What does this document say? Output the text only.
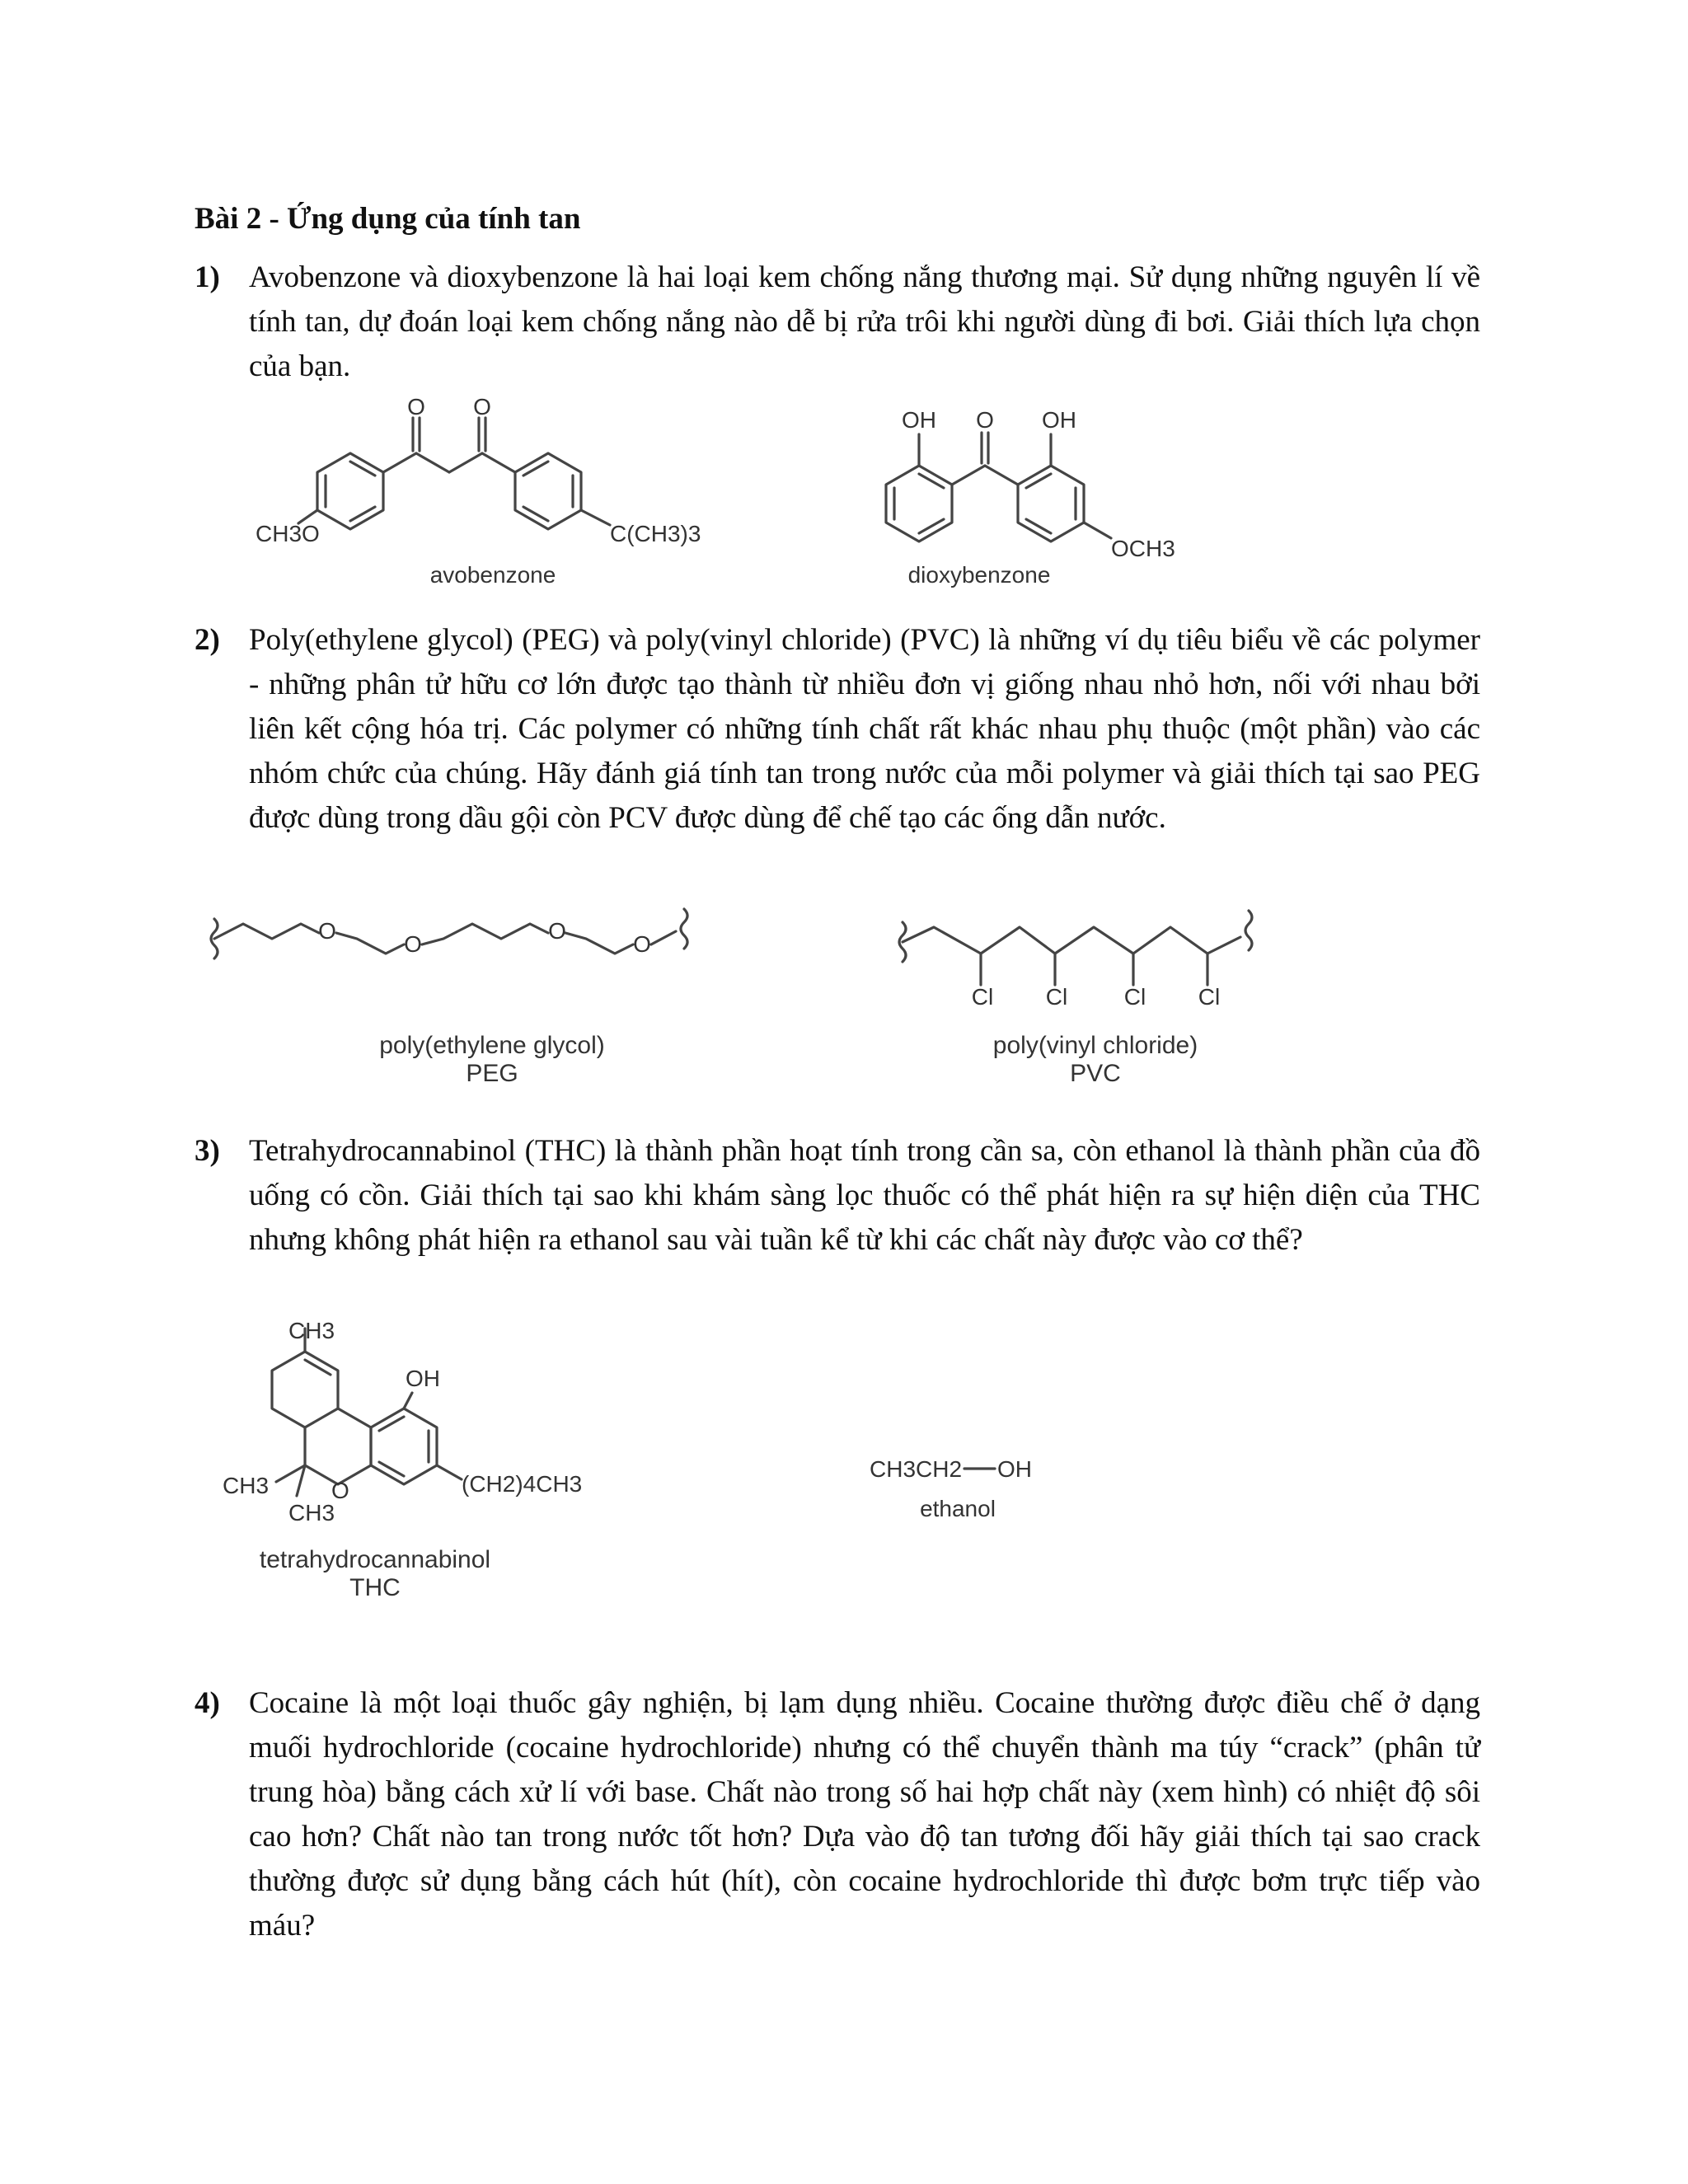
Bài 2 - Ứng dụng của tính tan
1) Avobenzone và dioxybenzone là hai loại kem chống nắng thương mại. Sử dụng những nguyên lí về tính tan, dự đoán loại kem chống nắng nào dễ bị rửa trôi khi người dùng đi bơi. Giải thích lựa chọn của bạn.
O O
CH3O	C(CH3)3
avobenzone
OH O OH
OCH3
dioxybenzone
2) Poly(ethylene glycol) (PEG) và poly(vinyl chloride) (PVC) là những ví dụ tiêu biểu về các polymer - những phân tử hữu cơ lớn được tạo thành từ nhiều đơn vị giống nhau nhỏ hơn, nối với nhau bởi liên kết cộng hóa trị. Các polymer có những tính chất rất khác nhau phụ thuộc (một phần) vào các nhóm chức của chúng. Hãy đánh giá tính tan trong nước của mỗi polymer và giải thích tại sao PEG được dùng trong dầu gội còn PCV được dùng để chế tạo các ống dẫn nước.
O
O
O
O
poly(ethylene glycol)
PEG
Cl Cl Cl Cl
poly(vinyl chloride)
PVC
3) Tetrahydrocannabinol (THC) là thành phần hoạt tính trong cần sa, còn ethanol là thành phần của đồ uống có cồn. Giải thích tại sao khi khám sàng lọc thuốc có thể phát hiện ra sự hiện diện của THC nhưng không phát hiện ra ethanol sau vài tuần kể từ khi các chất này được vào cơ thể?
CH3
OH
CH3	O
CH3
(CH2)4CH3
tetrahydrocannabinol
THC
CH3CH2 OH
ethanol
4) Cocaine là một loại thuốc gây nghiện, bị lạm dụng nhiều. Cocaine thường được điều chế ở dạng muối hydrochloride (cocaine hydrochloride) nhưng có thể chuyển thành ma túy “crack” (phân tử trung hòa) bằng cách xử lí với base. Chất nào trong số hai hợp chất này (xem hình) có nhiệt độ sôi cao hơn? Chất nào tan trong nước tốt hơn? Dựa vào độ tan tương đối hãy giải thích tại sao crack thường được sử dụng bằng cách hút (hít), còn cocaine hydrochloride thì được bơm trực tiếp vào máu?
